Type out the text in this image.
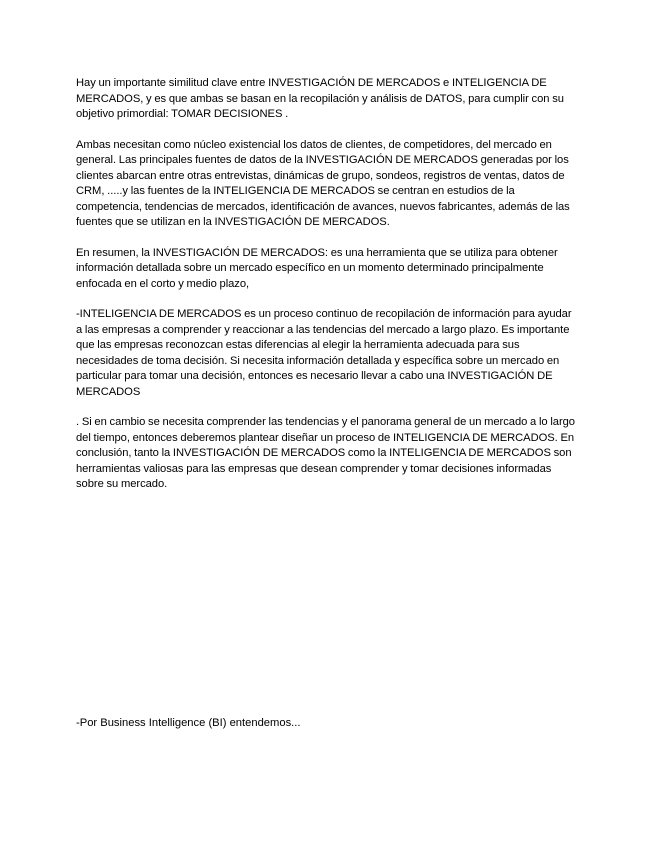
Hay un importante similitud clave entre INVESTIGACIÓN DE MERCADOS e INTELIGENCIA DE MERCADOS, y es que ambas se basan en la recopilación y análisis de DATOS, para cumplir con su objetivo primordial: TOMAR DECISIONES .

Ambas necesitan como núcleo existencial los datos de clientes, de competidores, del mercado en general. Las principales fuentes de datos de la INVESTIGACIÓN DE MERCADOS generadas por los clientes abarcan entre otras entrevistas, dinámicas de grupo, sondeos, registros de ventas, datos de CRM, .....y las fuentes de la INTELIGENCIA DE MERCADOS se centran en estudios de la competencia, tendencias de mercados, identificación de avances, nuevos fabricantes, además de las fuentes que se utilizan en la INVESTIGACIÓN DE MERCADOS.

En resumen, la INVESTIGACIÓN DE MERCADOS: es una herramienta que se utiliza para obtener información detallada sobre un mercado específico en un momento determinado principalmente enfocada en el corto y medio plazo,

-INTELIGENCIA DE MERCADOS es un proceso continuo de recopilación de información para ayudar a las empresas a comprender y reaccionar a las tendencias del mercado a largo plazo. Es importante que las empresas reconozcan estas diferencias al elegir la herramienta adecuada para sus necesidades de toma decisión. Si necesita información detallada y específica sobre un mercado en particular para tomar una decisión, entonces es necesario llevar a cabo una INVESTIGACIÓN DE MERCADOS

. Si en cambio se necesita comprender las tendencias y el panorama general de un mercado a lo largo del tiempo, entonces deberemos plantear diseñar un proceso de INTELIGENCIA DE MERCADOS. En conclusión, tanto la INVESTIGACIÓN DE MERCADOS como la INTELIGENCIA DE MERCADOS son herramientas valiosas para las empresas que desean comprender y tomar decisiones informadas sobre su mercado.

-Por Business Intelligence (BI) entendemos...
